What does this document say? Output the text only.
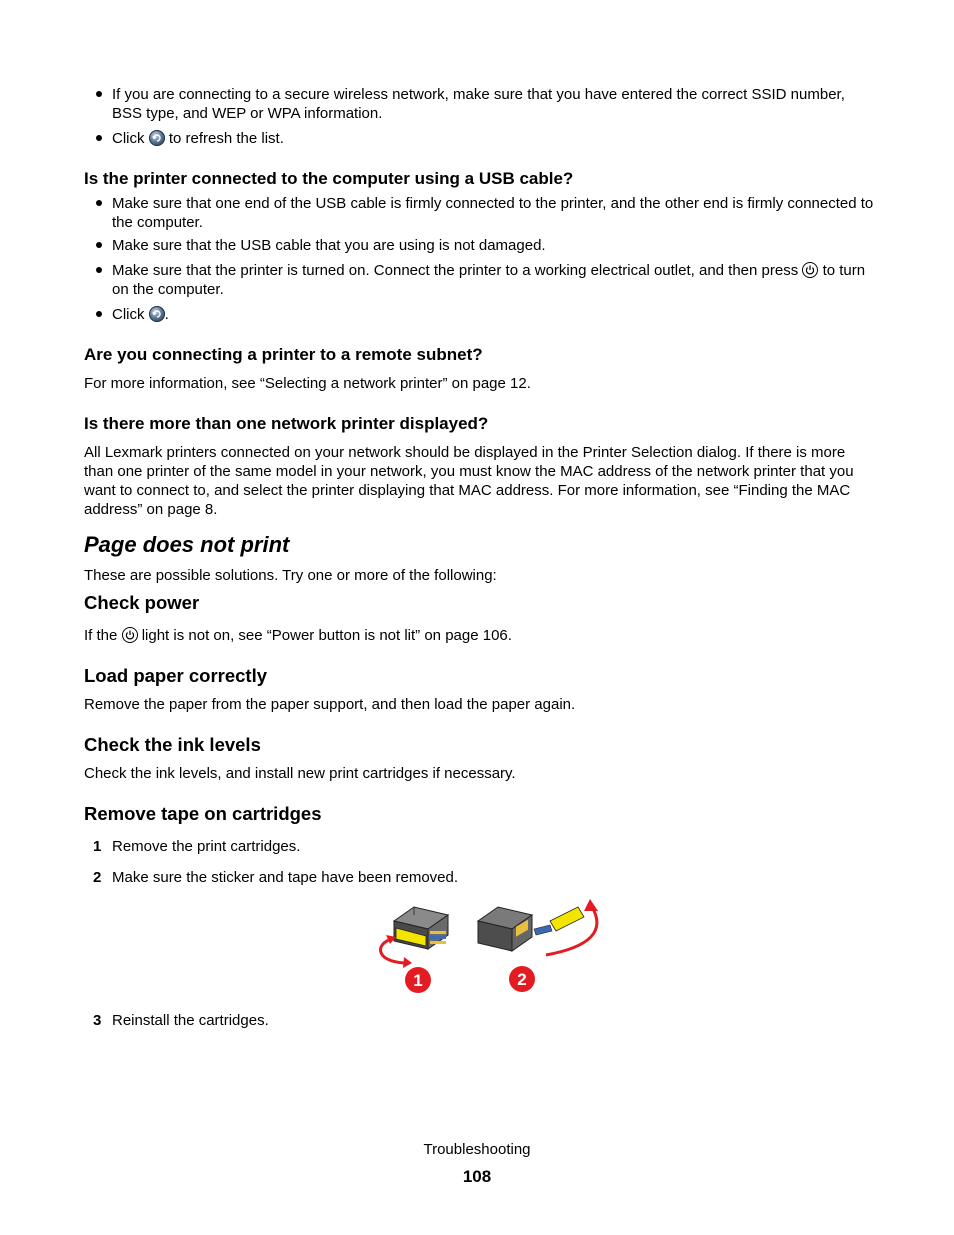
If you are connecting to a secure wireless network, make sure that you have entered the correct SSID number, BSS type, and WEP or WPA information.
Click to refresh the list.
Is the printer connected to the computer using a USB cable?
Make sure that one end of the USB cable is firmly connected to the printer, and the other end is firmly connected to the computer.
Make sure that the USB cable that you are using is not damaged.
Make sure that the printer is turned on. Connect the printer to a working electrical outlet, and then press to turn on the computer.
Click .
Are you connecting a printer to a remote subnet?
For more information, see “Selecting a network printer” on page 12.
Is there more than one network printer displayed?
All Lexmark printers connected on your network should be displayed in the Printer Selection dialog. If there is more than one printer of the same model in your network, you must know the MAC address of the network printer that you want to connect to, and select the printer displaying that MAC address. For more information, see “Finding the MAC address” on page 8.
Page does not print
These are possible solutions. Try one or more of the following:
Check power
If the light is not on, see “Power button is not lit” on page 106.
Load paper correctly
Remove the paper from the paper support, and then load the paper again.
Check the ink levels
Check the ink levels, and install new print cartridges if necessary.
Remove tape on cartridges
1 Remove the print cartridges.
2 Make sure the sticker and tape have been removed.
1	2
3 Reinstall the cartridges.
Troubleshooting
108
